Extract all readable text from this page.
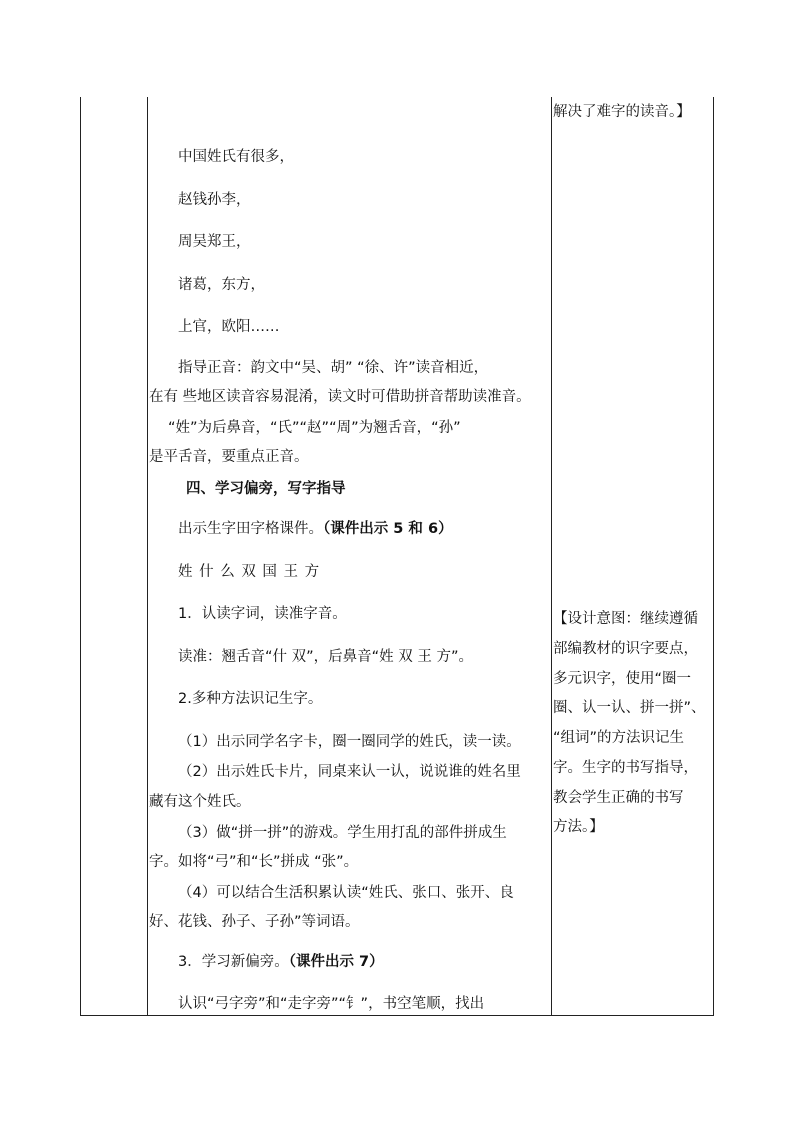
解决了难字的读音。】
中国姓氏有很多，
赵钱孙李，
周吴郑王，
诸葛，东方，
上官，欧阳……
指导正音：韵文中“吴、胡” “徐、许”读音相近，
在有 些地区读音容易混淆，读文时可借助拼音帮助读准音。
“姓”为后鼻音，“氏”“赵”“周”为翘舌音，“孙”
是平舌音，要重点正音。
四、学习偏旁，写字指导
出示生字田字格课件。（课件出示 5 和 6）
姓 什 么 双 国 王 方
1．认读字词，读准字音。
读准：翘舌音“什 双”，后鼻音“姓 双 王 方”。
2.多种方法识记生字。
（1）出示同学名字卡，圈一圈同学的姓氏，读一读。
（2）出示姓氏卡片，同桌来认一认，说说谁的姓名里
藏有这个姓氏。
（3）做“拼一拼”的游戏。学生用打乱的部件拼成生
字。如将“弓”和“长”拼成 “张”。
（4）可以结合生活积累认读“姓氏、张口、张开、良
好、花钱、孙子、子孙”等词语。
3．学习新偏旁。（课件出示 7）
认识“弓字旁”和“走字旁”“钅”，书空笔顺，找出
【设计意图：继续遵循
部编教材的识字要点，
多元识字，使用“圈一
圈、认一认、拼一拼”、
“组词”的方法识记生
字。生字的书写指导，
教会学生正确的书写
方法。】
